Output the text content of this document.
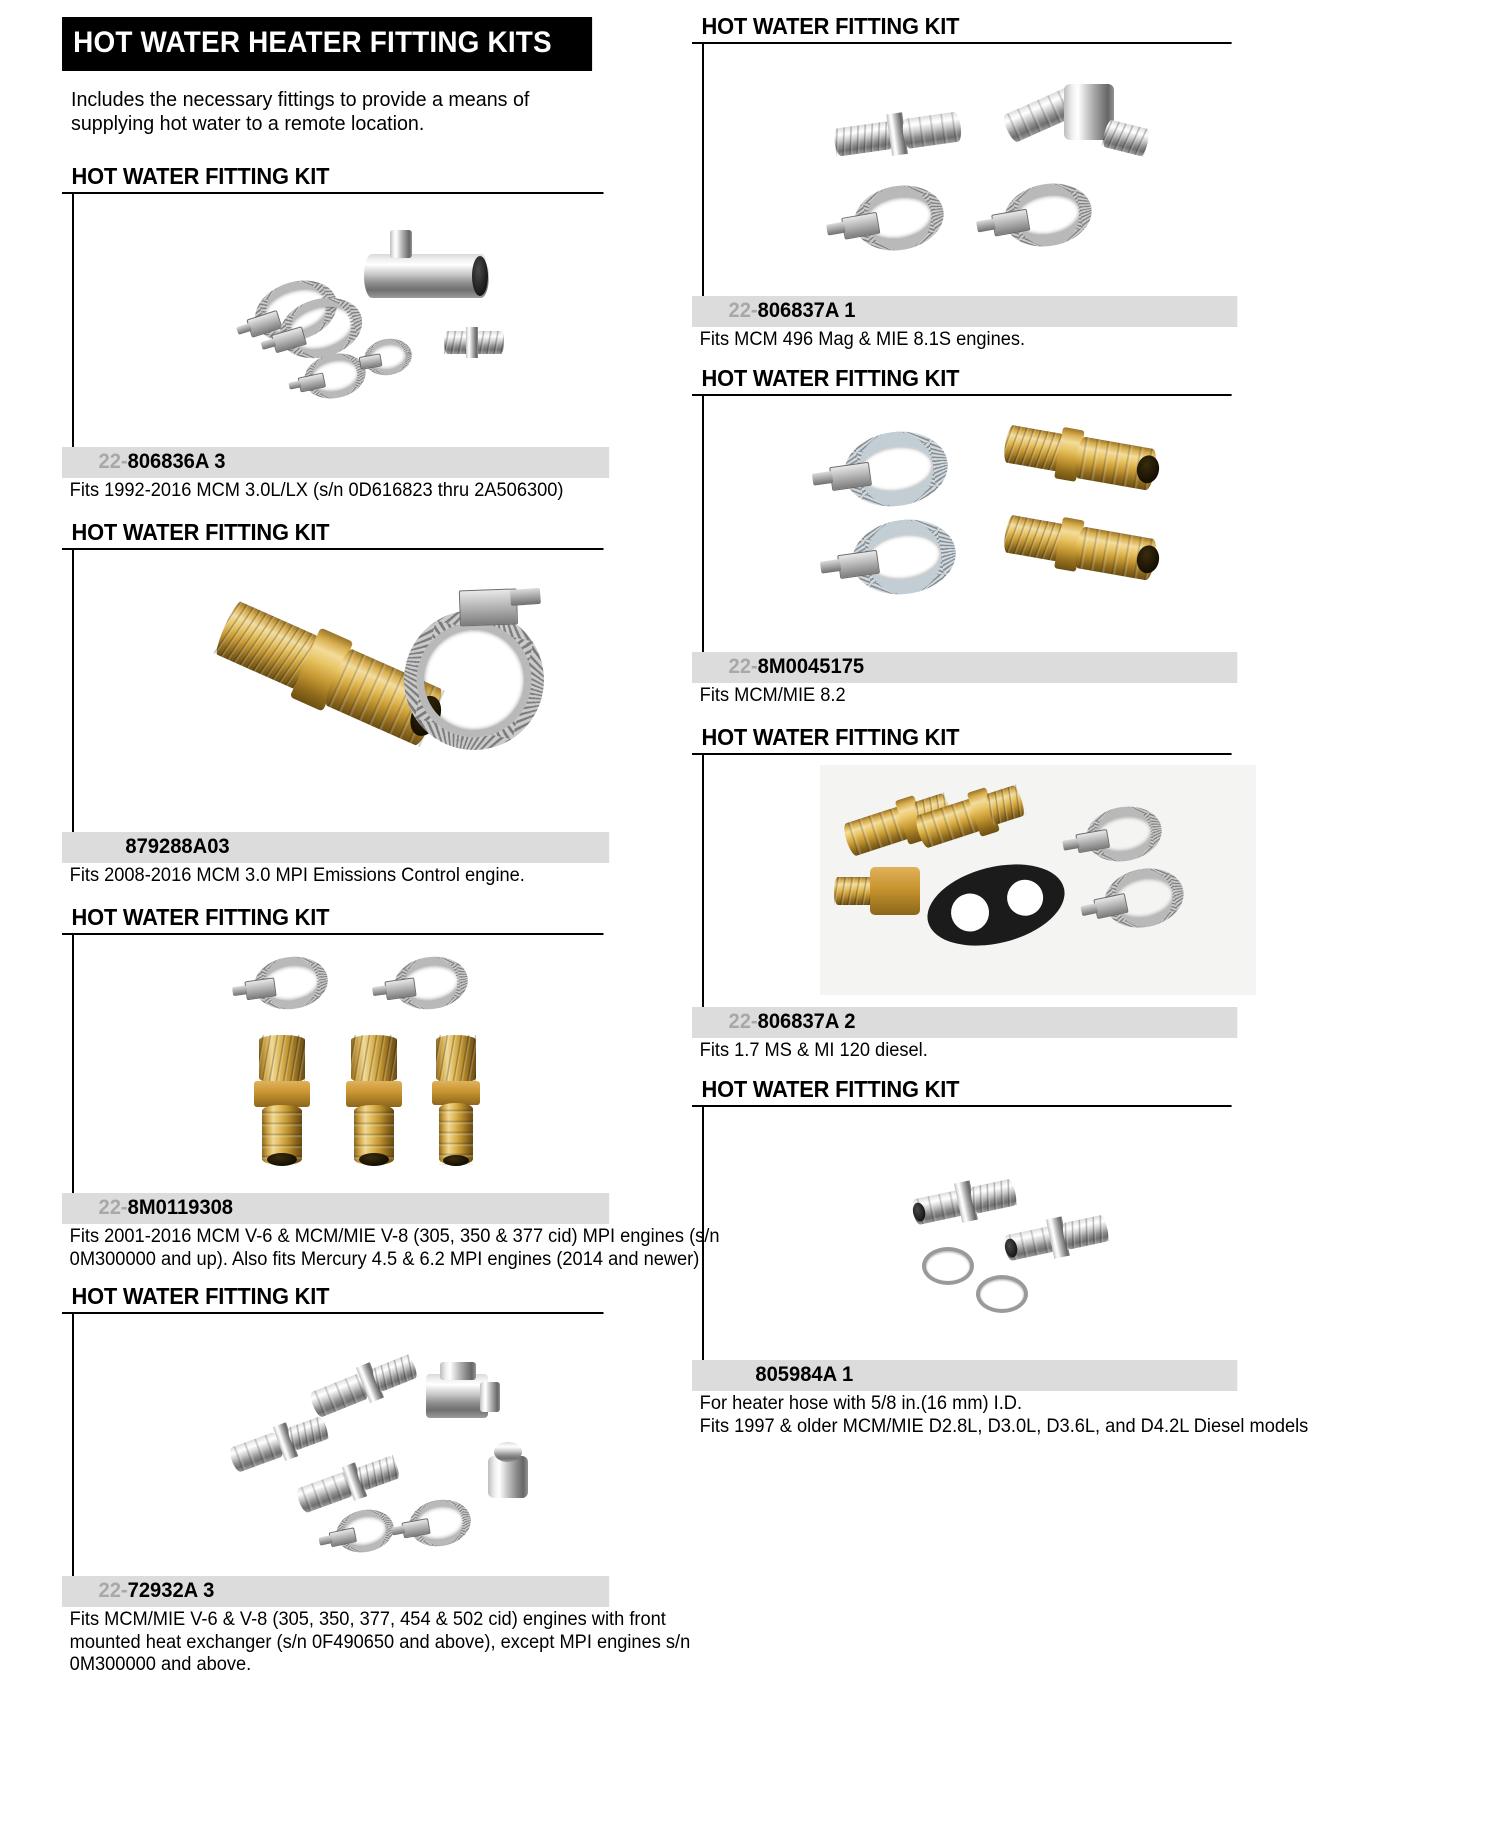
HOT WATER HEATER FITTING KITS
Includes the necessary fittings to provide a means of supplying hot water to a remote location.
HOT WATER FITTING KIT
22-806836A 3
Fits 1992-2016 MCM 3.0L/LX (s/n 0D616823 thru 2A506300)
HOT WATER FITTING KIT
879288A03
Fits 2008-2016 MCM 3.0 MPI Emissions Control engine.
HOT WATER FITTING KIT
22-8M0119308
Fits 2001-2016 MCM V-6 & MCM/MIE V-8 (305, 350 & 377 cid) MPI engines (s/n
0M300000 and up). Also fits Mercury 4.5 & 6.2 MPI engines (2014 and newer)
HOT WATER FITTING KIT
22-72932A 3
Fits MCM/MIE V-6 & V-8 (305, 350, 377, 454 & 502 cid) engines with front
mounted heat exchanger (s/n 0F490650 and above), except MPI engines s/n
0M300000 and above.
HOT WATER FITTING KIT
22-806837A 1
Fits MCM 496 Mag & MIE 8.1S engines.
HOT WATER FITTING KIT
22-8M0045175
Fits MCM/MIE 8.2
HOT WATER FITTING KIT
22-806837A 2
Fits 1.7 MS & MI 120 diesel.
HOT WATER FITTING KIT
805984A 1
For heater hose with 5/8 in.(16 mm) I.D.
Fits 1997 & older MCM/MIE D2.8L, D3.0L, D3.6L, and D4.2L Diesel models
